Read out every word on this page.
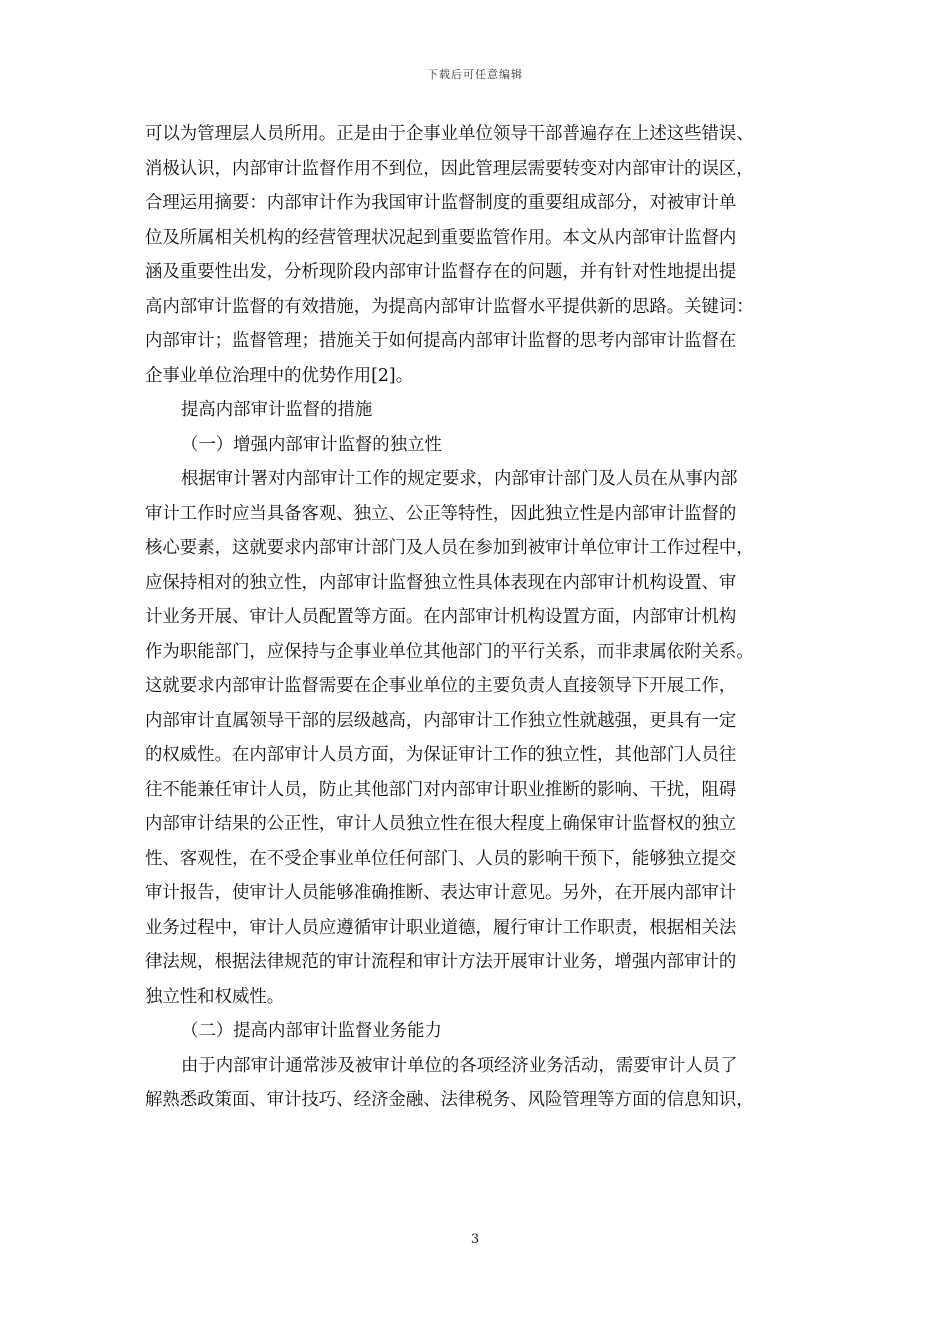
下载后可任意编辑
可以为管理层人员所用。正是由于企事业单位领导干部普遍存在上述这些错误、
消极认识，内部审计监督作用不到位，因此管理层需要转变对内部审计的误区，
合理运用摘要：内部审计作为我国审计监督制度的重要组成部分，对被审计单
位及所属相关机构的经营管理状况起到重要监管作用。本文从内部审计监督内
涵及重要性出发，分析现阶段内部审计监督存在的问题，并有针对性地提出提
高内部审计监督的有效措施，为提高内部审计监督水平提供新的思路。关键词：
内部审计；监督管理；措施关于如何提高内部审计监督的思考内部审计监督在
企事业单位治理中的优势作用[2]。
提高内部审计监督的措施
（一）增强内部审计监督的独立性
根据审计署对内部审计工作的规定要求，内部审计部门及人员在从事内部
审计工作时应当具备客观、独立、公正等特性，因此独立性是内部审计监督的
核心要素，这就要求内部审计部门及人员在参加到被审计单位审计工作过程中，
应保持相对的独立性，内部审计监督独立性具体表现在内部审计机构设置、审
计业务开展、审计人员配置等方面。在内部审计机构设置方面，内部审计机构
作为职能部门，应保持与企事业单位其他部门的平行关系，而非隶属依附关系。
这就要求内部审计监督需要在企事业单位的主要负责人直接领导下开展工作，
内部审计直属领导干部的层级越高，内部审计工作独立性就越强，更具有一定
的权威性。在内部审计人员方面，为保证审计工作的独立性，其他部门人员往
往不能兼任审计人员，防止其他部门对内部审计职业推断的影响、干扰，阻碍
内部审计结果的公正性，审计人员独立性在很大程度上确保审计监督权的独立
性、客观性，在不受企事业单位任何部门、人员的影响干预下，能够独立提交
审计报告，使审计人员能够准确推断、表达审计意见。另外，在开展内部审计
业务过程中，审计人员应遵循审计职业道德，履行审计工作职责，根据相关法
律法规，根据法律规范的审计流程和审计方法开展审计业务，增强内部审计的
独立性和权威性。
（二）提高内部审计监督业务能力
由于内部审计通常涉及被审计单位的各项经济业务活动，需要审计人员了
解熟悉政策面、审计技巧、经济金融、法律税务、风险管理等方面的信息知识，
3
